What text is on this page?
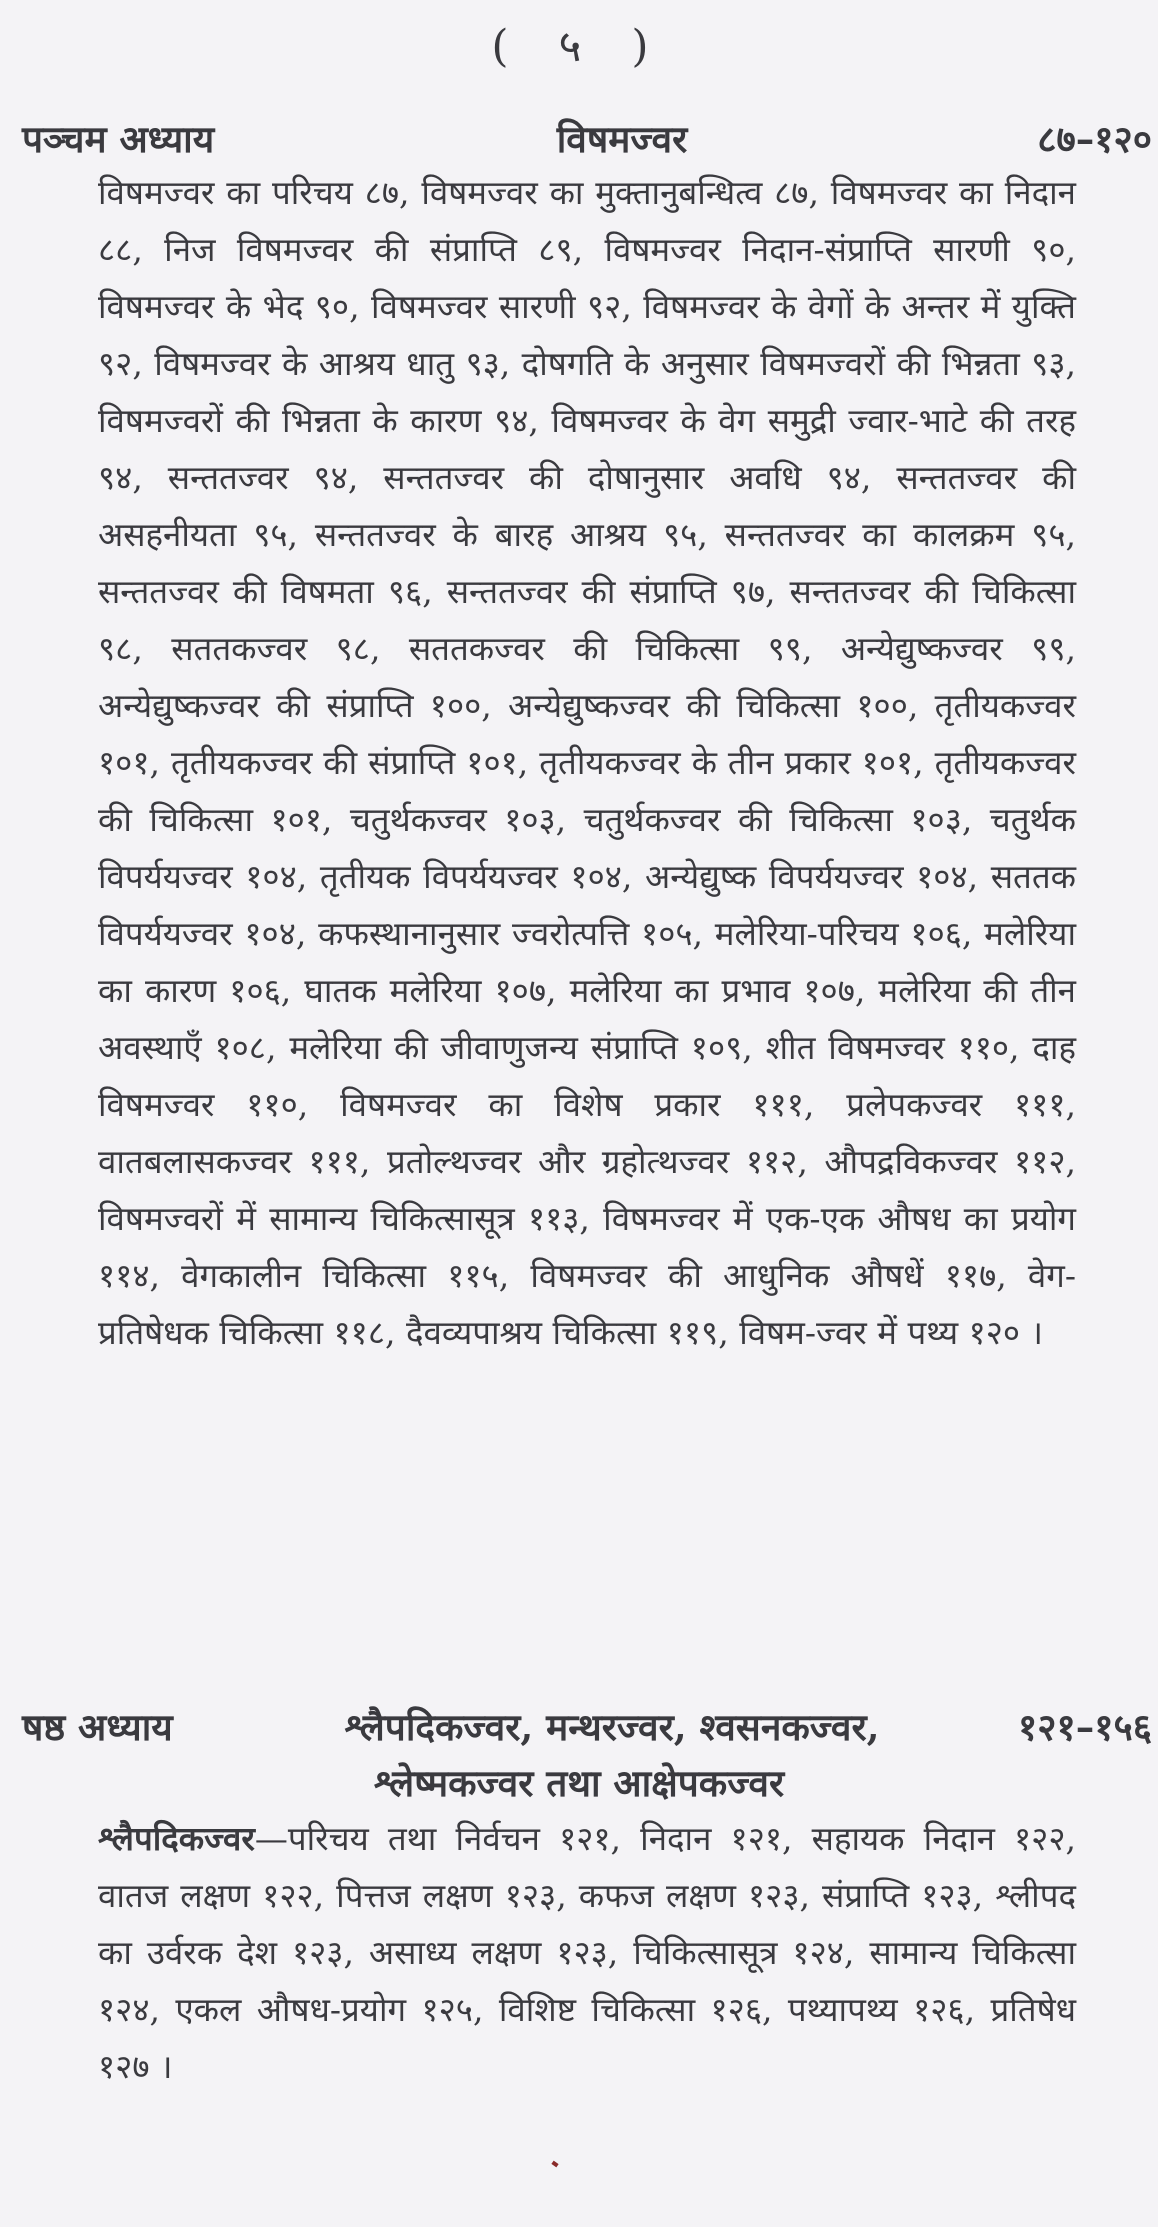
( ५ )
पञ्चम अध्याय	विषमज्वर	८७–१२०
विषमज्वर का परिचय ८७, विषमज्वर का मुक्तानुबन्धित्व ८७, विषमज्वर का निदान ८८, निज विषमज्वर की संप्राप्ति ८९, विषमज्वर निदान-संप्राप्ति सारणी ९०, विषमज्वर के भेद ९०, विषमज्वर सारणी ९२, विषमज्वर के वेगों के अन्तर में युक्ति ९२, विषमज्वर के आश्रय धातु ९३, दोषगति के अनुसार विषमज्वरों की भिन्नता ९३, विषमज्वरों की भिन्नता के कारण ९४, विषमज्वर के वेग समुद्री ज्वार-भाटे की तरह ९४, सन्ततज्वर ९४, सन्ततज्वर की दोषानुसार अवधि ९४, सन्ततज्वर की असहनीयता ९५, सन्ततज्वर के बारह आश्रय ९५, सन्ततज्वर का कालक्रम ९५, सन्ततज्वर की विषमता ९६, सन्ततज्वर की संप्राप्ति ९७, सन्ततज्वर की चिकित्सा ९८, सततकज्वर ९८, सततकज्वर की चिकित्सा ९९, अन्येद्युष्कज्वर ९९, अन्येद्युष्कज्वर की संप्राप्ति १००, अन्येद्युष्कज्वर की चिकित्सा १००, तृतीयकज्वर १०१, तृतीयकज्वर की संप्राप्ति १०१, तृतीयकज्वर के तीन प्रकार १०१, तृतीयकज्वर की चिकित्सा १०१, चतुर्थकज्वर १०३, चतुर्थकज्वर की चिकित्सा १०३, चतुर्थक विपर्ययज्वर १०४, तृतीयक विपर्ययज्वर १०४, अन्येद्युष्क विपर्ययज्वर १०४, सततक विपर्ययज्वर १०४, कफस्थानानुसार ज्वरोत्पत्ति १०५, मलेरिया-परिचय १०६, मलेरिया का कारण १०६, घातक मलेरिया १०७, मलेरिया का प्रभाव १०७, मलेरिया की तीन अवस्थाएँ १०८, मलेरिया की जीवाणुजन्य संप्राप्ति १०९, शीत विषमज्वर ११०, दाह विषमज्वर ११०, विषमज्वर का विशेष प्रकार १११, प्रलेपकज्वर १११, वातबलासकज्वर १११, प्रतोल्थज्वर और ग्रहोत्थज्वर ११२, औपद्रविकज्वर ११२, विषमज्वरों में सामान्य चिकित्सासूत्र ११३, विषमज्वर में एक-एक औषध का प्रयोग ११४, वेगकालीन चिकित्सा ११५, विषमज्वर की आधुनिक औषधें ११७, वेग-प्रतिषेधक चिकित्सा ११८, दैवव्यपाश्रय चिकित्सा ११९, विषम-ज्वर में पथ्य १२० ।
षष्ठ अध्याय	श्लैपदिकज्वर, मन्थरज्वर, श्वसनकज्वर,	१२१–१५६
श्लेष्मकज्वर तथा आक्षेपकज्वर
श्लैपदिकज्वर—परिचय तथा निर्वचन १२१, निदान १२१, सहायक निदान १२२, वातज लक्षण १२२, पित्तज लक्षण १२३, कफज लक्षण १२३, संप्राप्ति १२३, श्लीपद का उर्वरक देश १२३, असाध्य लक्षण १२३, चिकित्सासूत्र १२४, सामान्य चिकित्सा १२४, एकल औषध-प्रयोग १२५, विशिष्ट चिकित्सा १२६, पथ्यापथ्य १२६, प्रतिषेध १२७ ।
